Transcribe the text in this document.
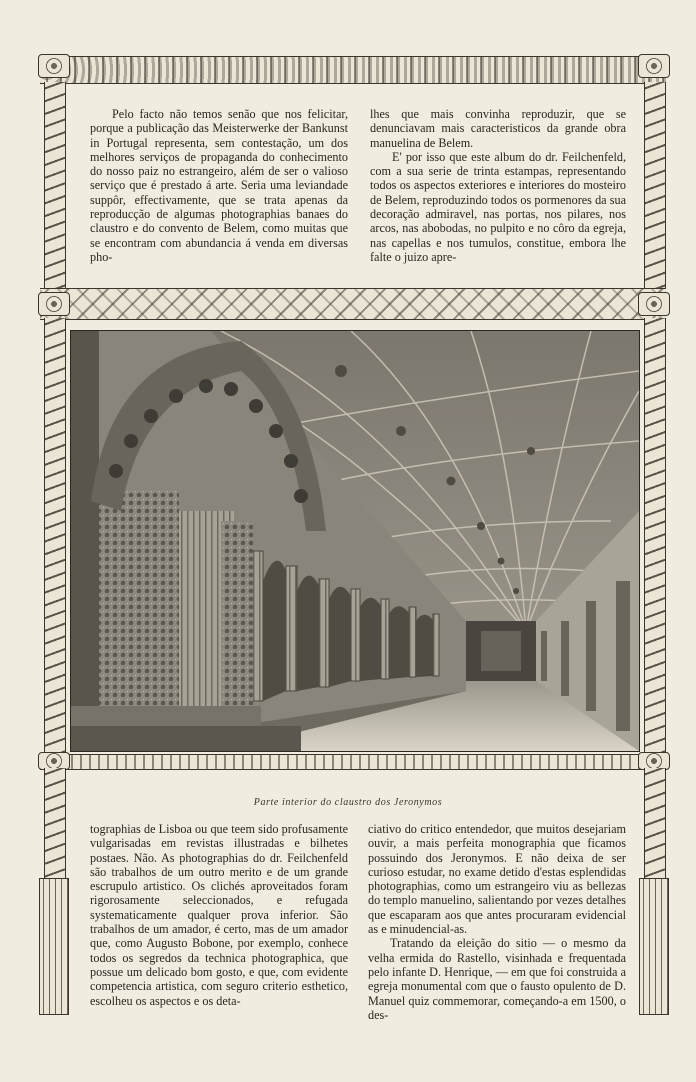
Pelo facto não temos senão que nos felicitar, porque a publicação das Meisterwerke der Bankunst in Portugal representa, sem contestação, um dos melhores serviços de propaganda do conhecimento do nosso paiz no estrangeiro, além de ser o valioso serviço que é prestado á arte. Seria uma leviandade suppôr, effectivamente, que se trata apenas da reproducção de algumas photographias banaes do claustro e do convento de Belem, como muitas que se encontram com abundancia á venda em diversas pho-

lhes que mais convinha reproduzir, que se denunciavam mais caracteristicos da grande obra manuelina de Belem.

E' por isso que este album do dr. Feilchenfeld, com a sua serie de trinta estampas, representando todos os aspectos exteriores e interiores do mosteiro de Belem, reproduzindo todos os pormenores da sua decoração admiravel, nas portas, nos pilares, nos arcos, nas abobodas, no pulpito e no côro da egreja, nas capellas e nos tumulos, constitue, embora lhe falte o juizo apre-

Parte interior do claustro dos Jeronymos

tographias de Lisboa ou que teem sido profusamente vulgarisadas em revistas illustradas e bilhetes postaes. Não. As photographias do dr. Feilchenfeld são trabalhos de um outro merito e de um grande escrupulo artistico. Os clichés aproveitados foram rigorosamente seleccionados, e refugada systematicamente qualquer prova inferior. São trabalhos de um amador, é certo, mas de um amador que, como Augusto Bobone, por exemplo, conhece todos os segredos da technica photographica, que possue um delicado bom gosto, e que, com evidente competencia artistica, com seguro criterio esthetico, escolheu os aspectos e os deta-

ciativo do critico entendedor, que muitos desejariam ouvir, a mais perfeita monographia que ficamos possuindo dos Jeronymos. E não deixa de ser curioso estudar, no exame detido d'estas esplendidas photographias, como um estrangeiro viu as bellezas do templo manuelino, salientando por vezes detalhes que escaparam aos que antes procuraram evidencial as e minudencial-as.

Tratando da eleição do sitio — o mesmo da velha ermida do Rastello, visinhada e frequentada pelo infante D. Henrique, — em que foi construida a egreja monumental com que o fausto opulento de D. Manuel quiz commemorar, começando-a em 1500, o des-
